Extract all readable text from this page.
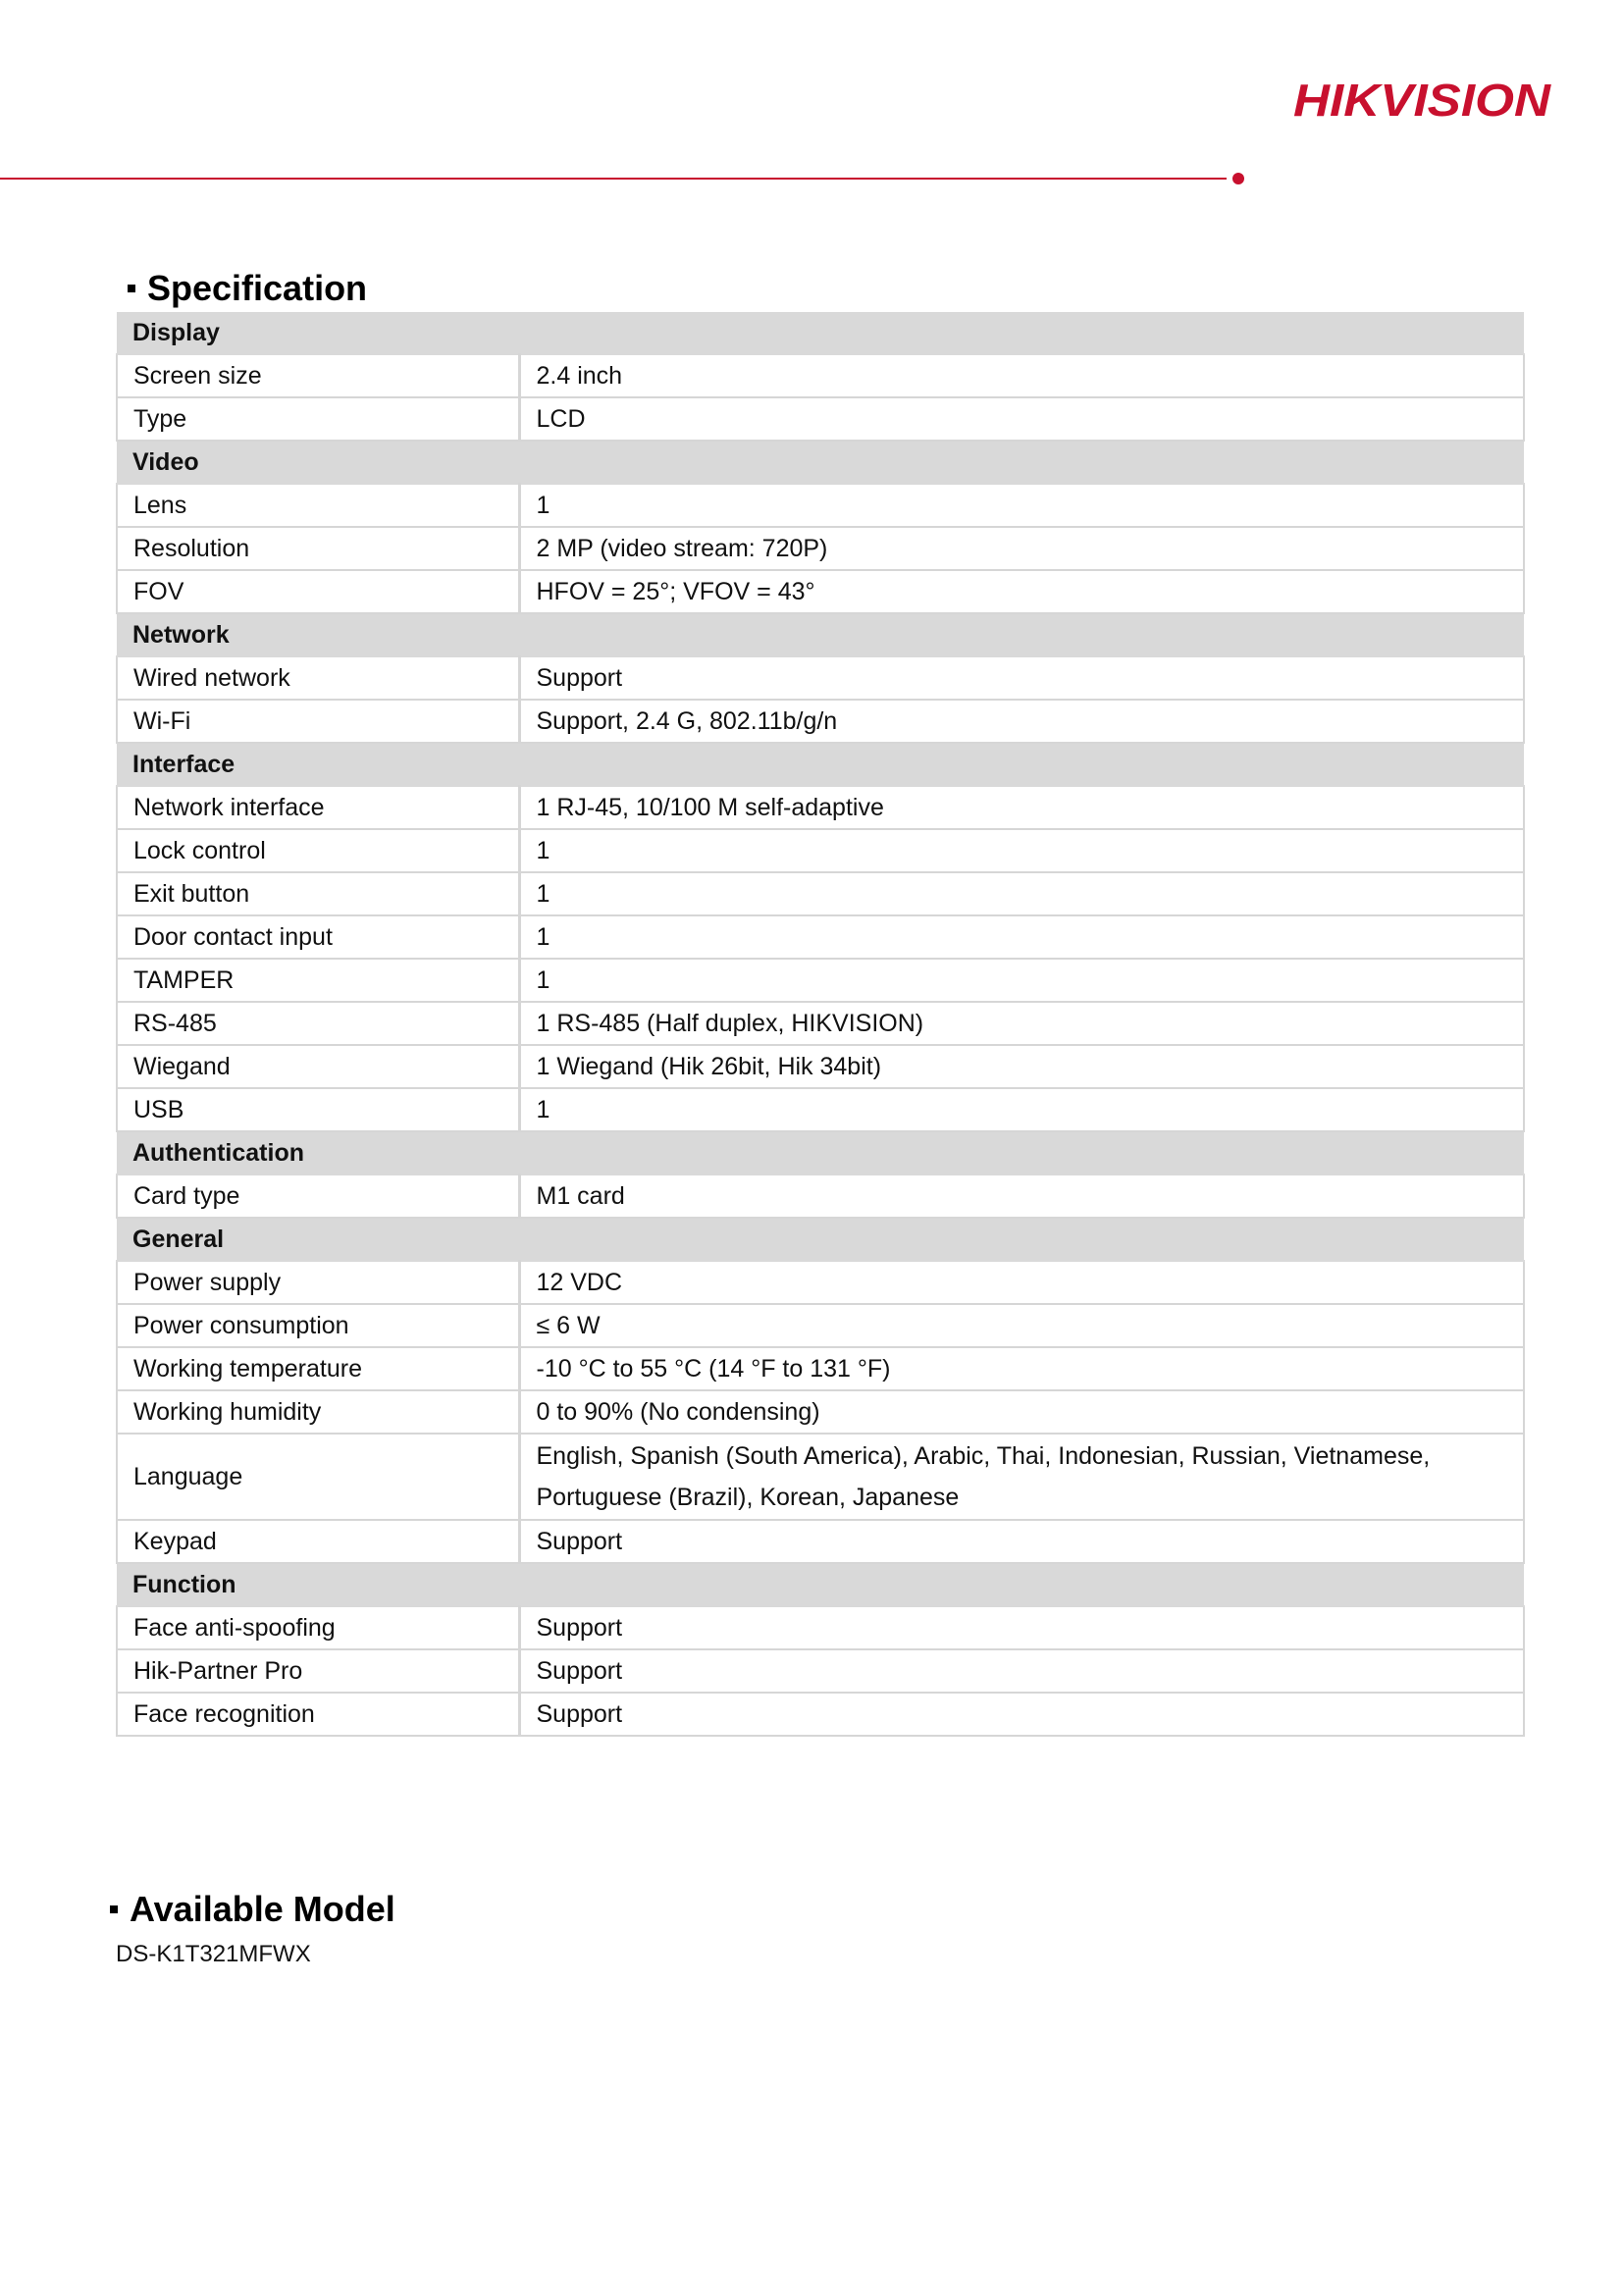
HIKVISION
Specification
Display	
Screen size	2.4 inch
Type	LCD
Video	
Lens	1
Resolution	2 MP (video stream: 720P)
FOV	HFOV = 25°; VFOV = 43°
Network	
Wired network	Support
Wi-Fi	Support, 2.4 G, 802.11b/g/n
Interface	
Network interface	1 RJ-45, 10/100 M self-adaptive
Lock control	1
Exit button	1
Door contact input	1
TAMPER	1
RS-485	1 RS-485 (Half duplex, HIKVISION)
Wiegand	1 Wiegand (Hik 26bit, Hik 34bit)
USB	1
Authentication	
Card type	M1 card
General	
Power supply	12 VDC
Power consumption	≤ 6 W
Working temperature	-10 °C to 55 °C (14 °F to 131 °F)
Working humidity	0 to 90% (No condensing)
Language	English, Spanish (South America), Arabic, Thai, Indonesian, Russian, Vietnamese, Portuguese (Brazil), Korean, Japanese
Keypad	Support
Function	
Face anti-spoofing	Support
Hik-Partner Pro	Support
Face recognition	Support
Available Model
DS-K1T321MFWX
